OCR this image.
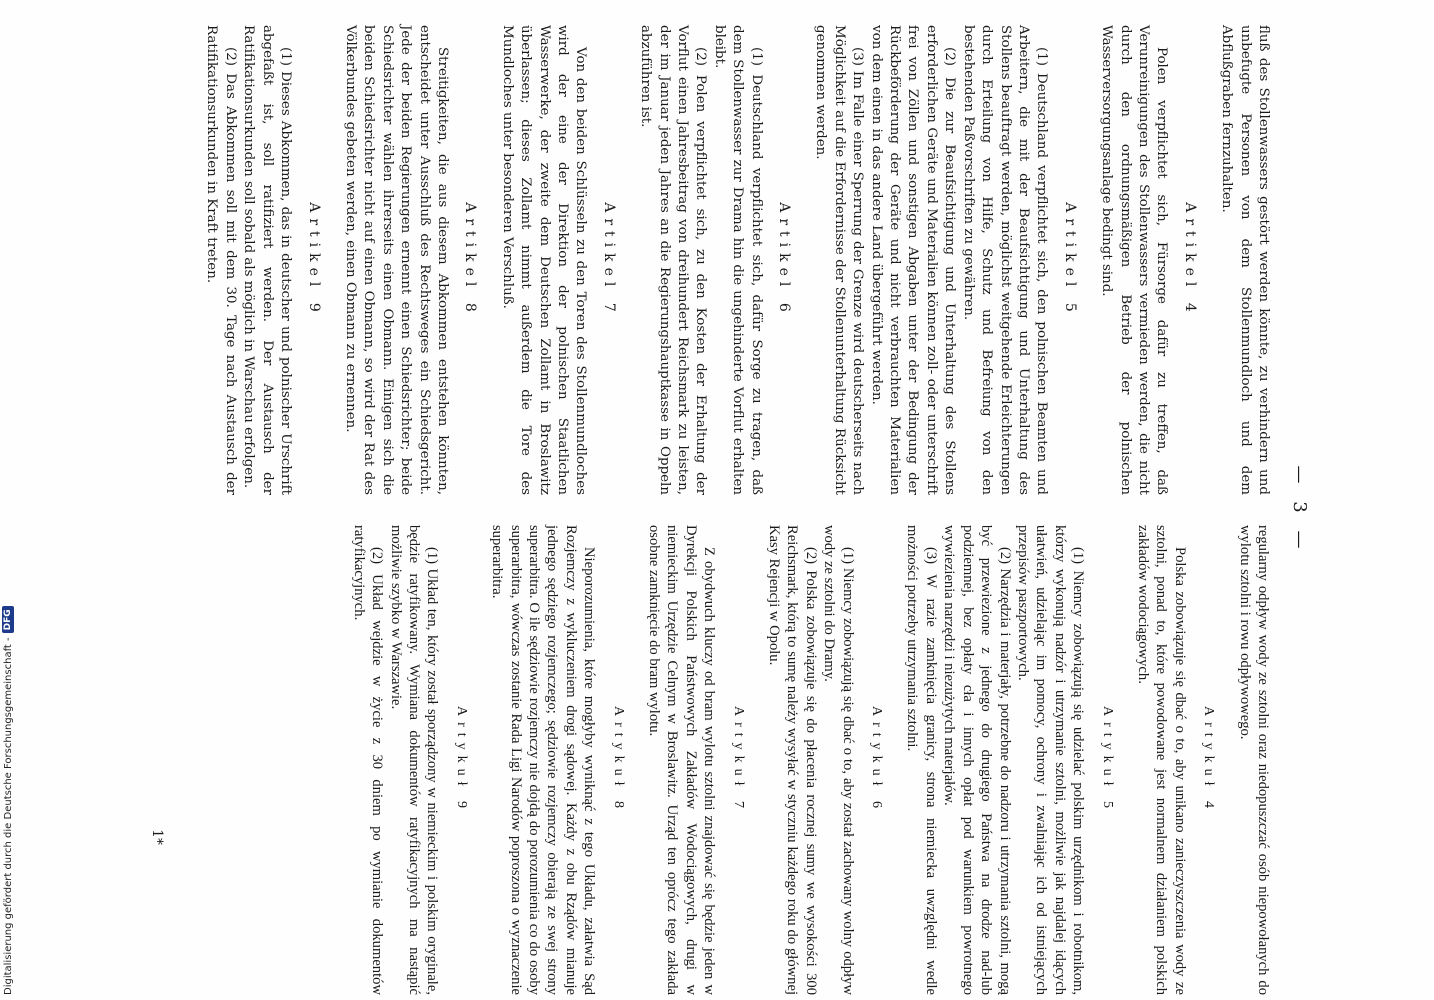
— 3 —

fluß des Stollenwassers gestört werden könnte, zu verhindern und unbefugte Personen von dem Stollenmundloch und dem Abflußgraben fernzuhalten.

Artikel 4

Polen verpflichtet sich, Fürsorge dafür zu treffen, daß Verunreinigungen des Stollenwassers vermieden werden, die nicht durch den ordnungsmäßigen Betrieb der polnischen Wasserversorgungsanlage bedingt sind.

Artikel 5

(1) Deutschland verpflichtet sich, den polnischen Beamten und Arbeitern, die mit der Beaufsichtigung und Unterhaltung des Stollens beauftragt werden, möglichst weitgehende Erleichterungen durch Erteilung von Hilfe, Schutz und Befreiung von den bestehenden Paßvorschriften zu gewähren.

(2) Die zur Beaufsichtigung und Unterhaltung des Stollens erforderlichen Geräte und Materialien können zoll- oder unterschrift frei von Zöllen und sonstigen Abgaben unter der Bedingung der Rückbeförderung der Geräte und nicht verbrauchten Materialien von dem einen in das andere Land übergeführt werden.

(3) Im Falle einer Sperrung der Grenze wird deutscherseits nach Möglichkeit auf die Erfordernisse der Stollenunterhaltung Rücksicht genommen werden.

Artikel 6

(1) Deutschland verpflichtet sich, dafür Sorge zu tragen, daß dem Stollenwasser zur Drama hin die ungehinderte Vorflut erhalten bleibt.

(2) Polen verpflichtet sich, zu den Kosten der Erhaltung der Vorflut einen Jahresbeitrag von dreihundert Reichsmark zu leisten, der im Januar jeden Jahres an die Regierungshauptkasse in Oppeln abzuführen ist.

Artikel 7

Von den beiden Schlüsseln zu den Toren des Stollenmundloches wird der eine der Direktion der polnischen Staatlichen Wasserwerke, der zweite dem Deutschen Zollamt in Broslawitz überlassen; dieses Zollamt nimmt außerdem die Tore des Mundloches unter besonderen Verschluß.

Artikel 8

Streitigkeiten, die aus diesem Abkommen entstehen könnten, entscheidet unter Ausschluß des Rechtsweges ein Schiedsgericht. Jede der beiden Regierungen ernennt einen Schiedsrichter; beide Schiedsrichter wählen ihrerseits einen Obmann. Einigen sich die beiden Schiedsrichter nicht auf einen Obmann, so wird der Rat des Völkerbundes gebeten werden, einen Obmann zu ernennen.

Artikel 9

(1) Dieses Abkommen, das in deutscher und polnischer Urschrift abgefaßt ist, soll ratifiziert werden. Der Austausch der Ratifikationsurkunden soll sobald als möglich in Warschau erfolgen.

(2) Das Abkommen soll mit dem 30. Tage nach Austausch der Ratifikationsurkunden in Kraft treten.

regularny odpływ wody ze sztolni oraz niedopuszczać osób niepowołanych do wylotu sztolni i rowu odpływowego.

Artykuł 4

Polska zobowiązuje się dbać o to, aby unikano zanieczyszczenia wody ze sztolni, ponad to, które powodowane jest normalnem działaniem polskich zakładów wodociągowych.

Artykuł 5

(1) Niemcy zobowiązują się udzielać polskim urzędnikom i robotnikom, którzy wykonują nadzór i utrzymanie sztolni, możliwie jak najdalej idących ułatwień, udzielając im pomocy, ochrony i zwalniając ich od istniejących przepisów paszportowych.

(2) Narzędzia i materjały, potrzebne do nadzoru i utrzymania sztolni, mogą być przewiezione z jednego do drugiego Państwa na drodze nad-lub podziemnej, bez opłaty cła i innych opłat pod warunkiem powrotnego wywiezienia narzędzi i niezużytych materjałów.

(3) W razie zamknięcia granicy, strona niemiecka uwzględni wedle możności potrzeby utrzymania sztolni.

Artykuł 6

(1) Niemcy zobowiązują się dbać o to, aby został zachowany wolny odpływ wody ze sztolni do Dramy.

(2) Polska zobowiązuje się do płacenia rocznej sumy we wysokości 300 Reichsmark, którą to sumę należy wysyłać w styczniu każdego roku do głównej Kasy Rejencji w Opolu.

Artykuł 7

Z obydwuch kluczy od bram wylotu sztolni znajdować się będzie jeden w Dyrekcji Polskich Państwowych Zakładów Wodociągowych, drugi w niemieckim Urzędzie Celnym w Broslawitz. Urząd ten oprócz tego zakłada osobne zamknięcie do bram wylotu.

Artykuł 8

Nieporozumienia, które mogłyby wyniknąć z tego Układu, załatwia Sąd Rozjemczy z wykluczeniem drogi sądowej. Każdy z obu Rządów mianuje jednego sędziego rozjemczego; sędziowie rozjemczy obierają ze swej strony superarbitra. O ile sędziowie rozjemczy nie dojdą do porozumienia co do osoby superarbitra, wówczas zostanie Rada Ligi Narodów poproszona o wyznaczenie superarbitra.

Artykuł 9

(1) Układ ten, który został sporządzony w niemieckim i polskim oryginale, będzie ratyfikowany. Wymiana dokumentów ratyfikacyjnych ma nastąpić możliwie szybko w Warszawie.

(2) Układ wejdzie w życie z 30 dniem po wymianie dokumentów ratyfikacyjnych.

1*
Digitalisierung gefördert durch die Deutsche Forschungsgemeinschaft -
DFG
